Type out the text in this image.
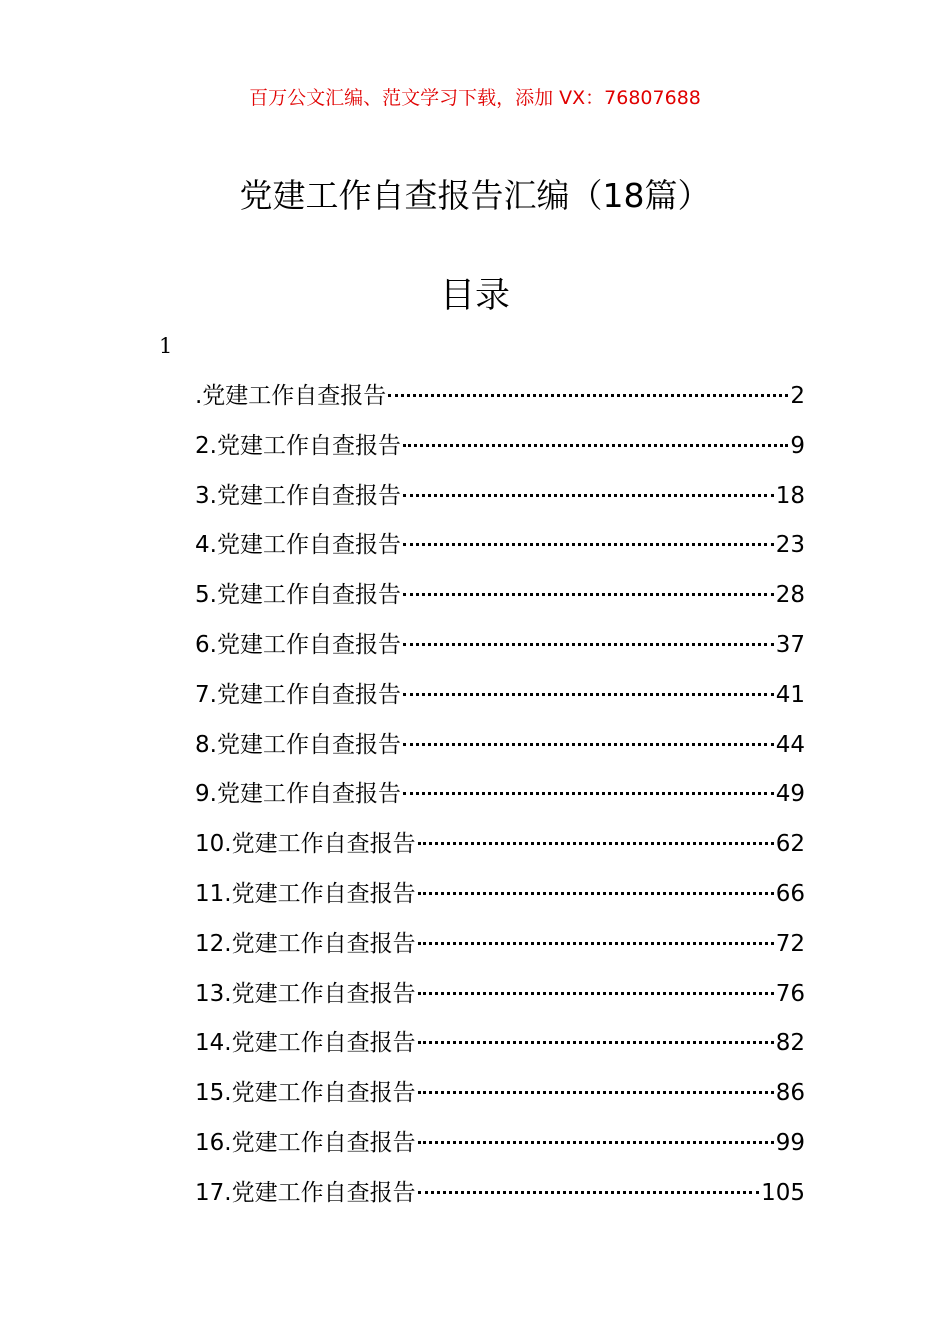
百万公文汇编、范文学习下载，添加 VX：76807688
党建工作自查报告汇编（18篇）
目录
1
.党建工作自查报告	2
2.党建工作自查报告	9
3.党建工作自查报告	18
4.党建工作自查报告	23
5.党建工作自查报告	28
6.党建工作自查报告	37
7.党建工作自查报告	41
8.党建工作自查报告	44
9.党建工作自查报告	49
10.党建工作自查报告	62
11.党建工作自查报告	66
12.党建工作自查报告	72
13.党建工作自查报告	76
14.党建工作自查报告	82
15.党建工作自查报告	86
16.党建工作自查报告	99
17.党建工作自查报告	105
